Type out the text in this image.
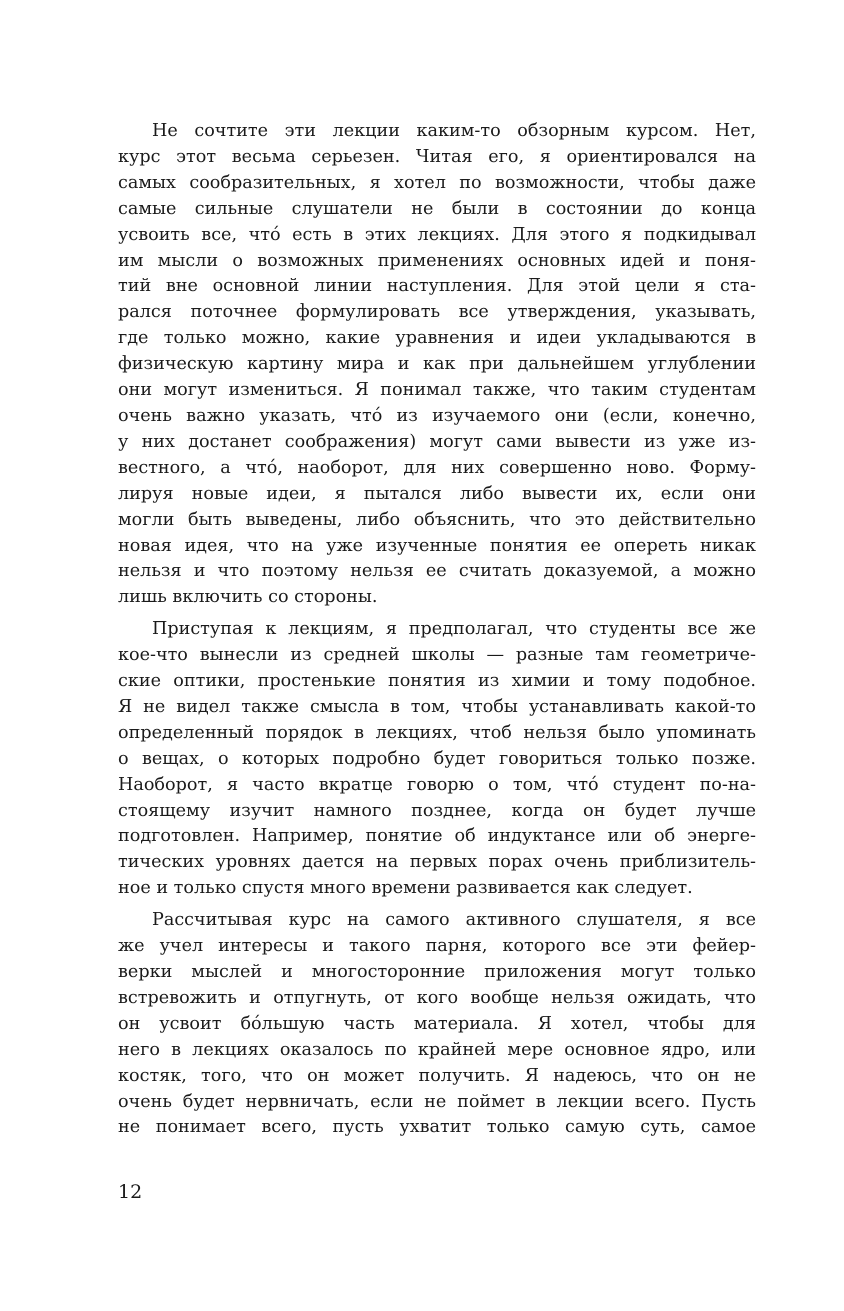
Не сочтите эти лекции каким-то обзорным курсом. Нет,
курс этот весьма серьезен. Читая его, я ориентировался на
самых сообразительных, я хотел по возможности, чтобы даже
самые сильные слушатели не были в состоянии до конца
усвоить все, что́ есть в этих лекциях. Для этого я подкидывал
им мысли о возможных применениях основных идей и поня-
тий вне основной линии наступления. Для этой цели я ста-
рался поточнее формулировать все утверждения, указывать,
где только можно, какие уравнения и идеи укладываются в
физическую картину мира и как при дальнейшем углублении
они могут измениться. Я понимал также, что таким студентам
очень важно указать, что́ из изучаемого они (если, конечно,
у них достанет соображения) могут сами вывести из уже из-
вестного, а что́, наоборот, для них совершенно ново. Форму-
лируя новые идеи, я пытался либо вывести их, если они
могли быть выведены, либо объяснить, что это действительно
новая идея, что на уже изученные понятия ее опереть никак
нельзя и что поэтому нельзя ее считать доказуемой, а можно
лишь включить со стороны.

Приступая к лекциям, я предполагал, что студенты все же
кое-что вынесли из средней школы — разные там геометриче-
ские оптики, простенькие понятия из химии и тому подобное.
Я не видел также смысла в том, чтобы устанавливать какой-то
определенный порядок в лекциях, чтоб нельзя было упоминать
о вещах, о которых подробно будет говориться только позже.
Наоборот, я часто вкратце говорю о том, что́ студент по-на-
стоящему изучит намного позднее, когда он будет лучше
подготовлен. Например, понятие об индуктансе или об энерге-
тических уровнях дается на первых порах очень приблизитель-
ное и только спустя много времени развивается как следует.

Рассчитывая курс на самого активного слушателя, я все
же учел интересы и такого парня, которого все эти фейер-
верки мыслей и многосторонние приложения могут только
встревожить и отпугнуть, от кого вообще нельзя ожидать, что
он усвоит бо́льшую часть материала. Я хотел, чтобы для
него в лекциях оказалось по крайней мере основное ядро, или
костяк, того, что он может получить. Я надеюсь, что он не
очень будет нервничать, если не поймет в лекции всего. Пусть
не понимает всего, пусть ухватит только самую суть, самое

12
